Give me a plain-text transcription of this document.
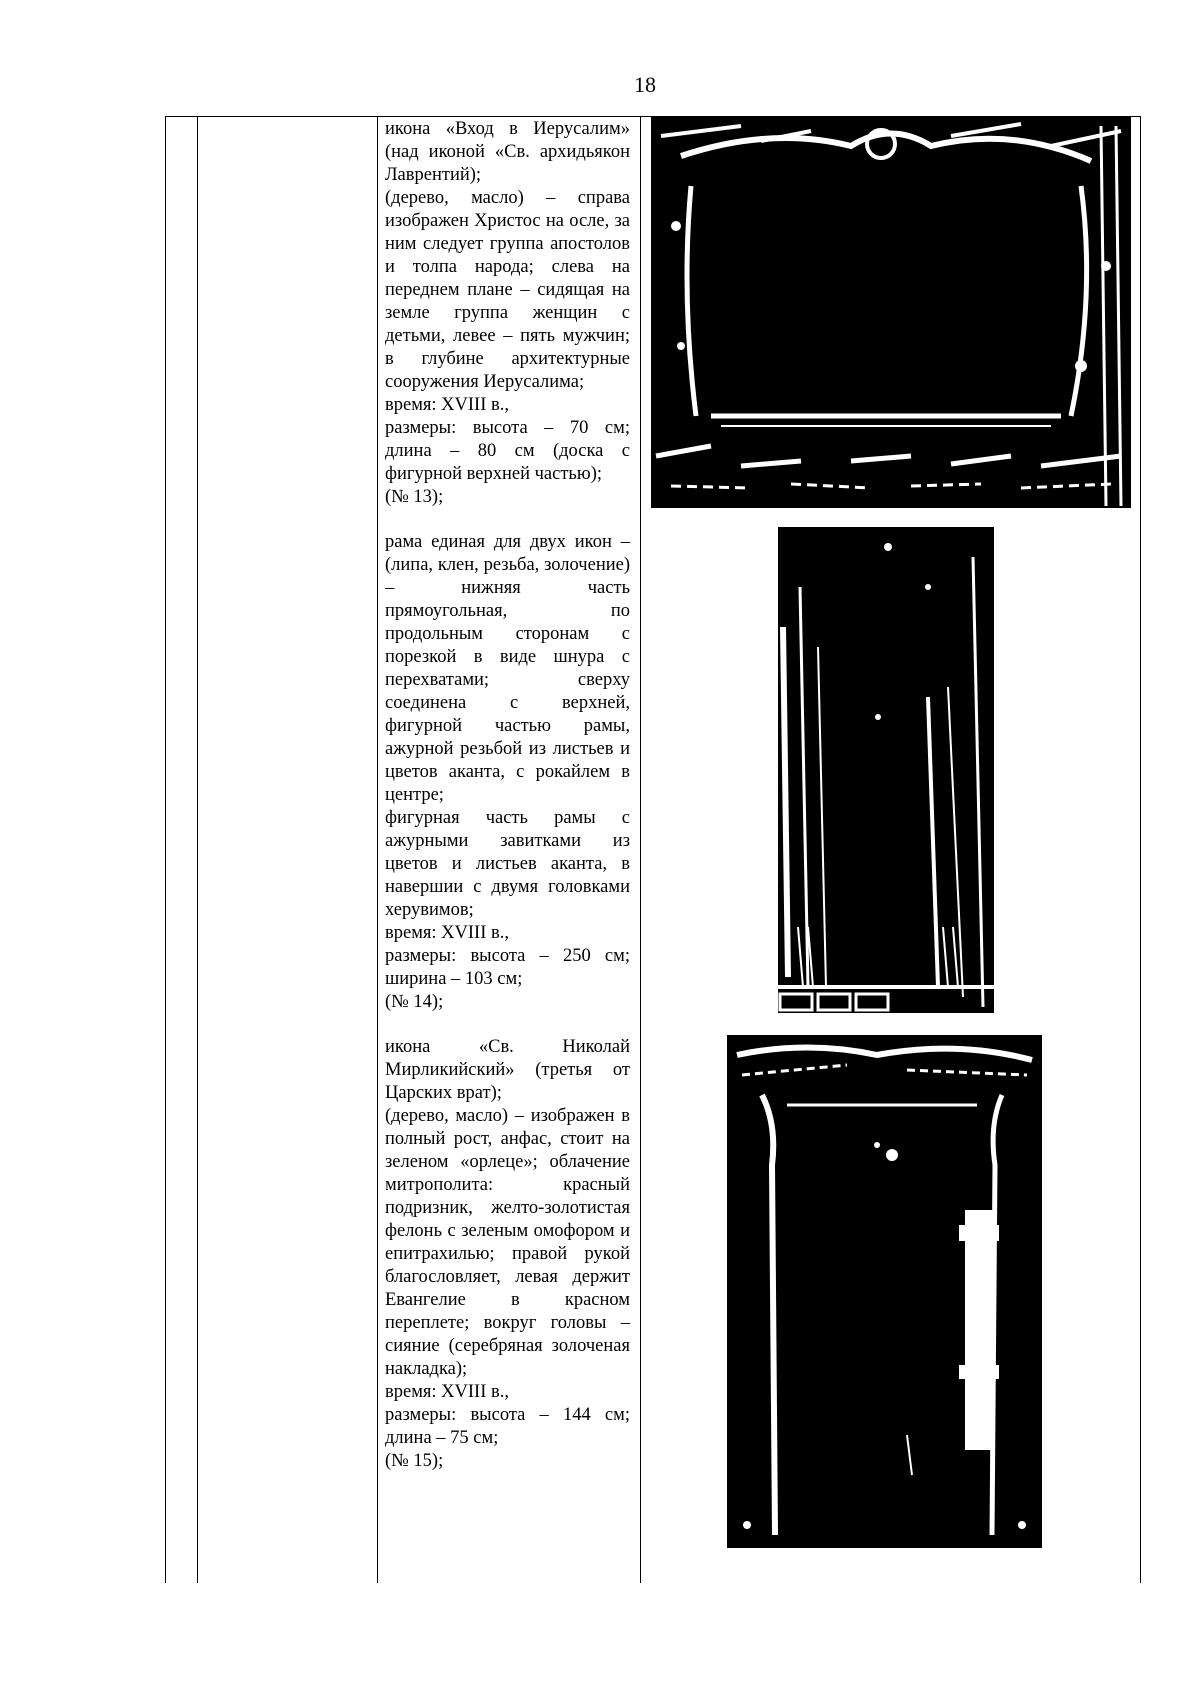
18

икона «Вход в Иерусалим» (над иконой «Св. архидьякон Лаврентий);

(дерево, масло) – справа изображен Христос на осле, за ним следует группа апостолов и толпа народа; слева на переднем плане – сидящая на земле группа женщин с детьми, левее – пять мужчин; в глубине архитектурные сооружения Иерусалима;

время: XVIII в.,

размеры: высота – 70 см; длина – 80 см (доска с фигурной верхней частью);

(№ 13);

рама единая для двух икон – (липа, клен, резьба, золочение) – нижняя часть прямоугольная, по продольным сторонам с порезкой в виде шнура с перехватами; сверху соединена с верхней, фигурной частью рамы, ажурной резьбой из листьев и цветов аканта, с рокайлем в центре;

фигурная часть рамы с ажурными завитками из цветов и листьев аканта, в навершии с двумя головками херувимов;

время: XVIII в.,

размеры: высота – 250 см; ширина – 103 см;

(№ 14);

икона «Св. Николай Мирликийский» (третья от Царских врат);

(дерево, масло) – изображен в полный рост, анфас, стоит на зеленом «орлеце»; облачение митрополита: красный подризник, желто-золотистая фелонь с зеленым омофором и епитрахилью; правой рукой благословляет, левая держит Евангелие в красном переплете; вокруг головы – сияние (серебряная золоченая накладка);

время: XVIII в.,

размеры: высота – 144 см; длина – 75 см;

(№ 15);
